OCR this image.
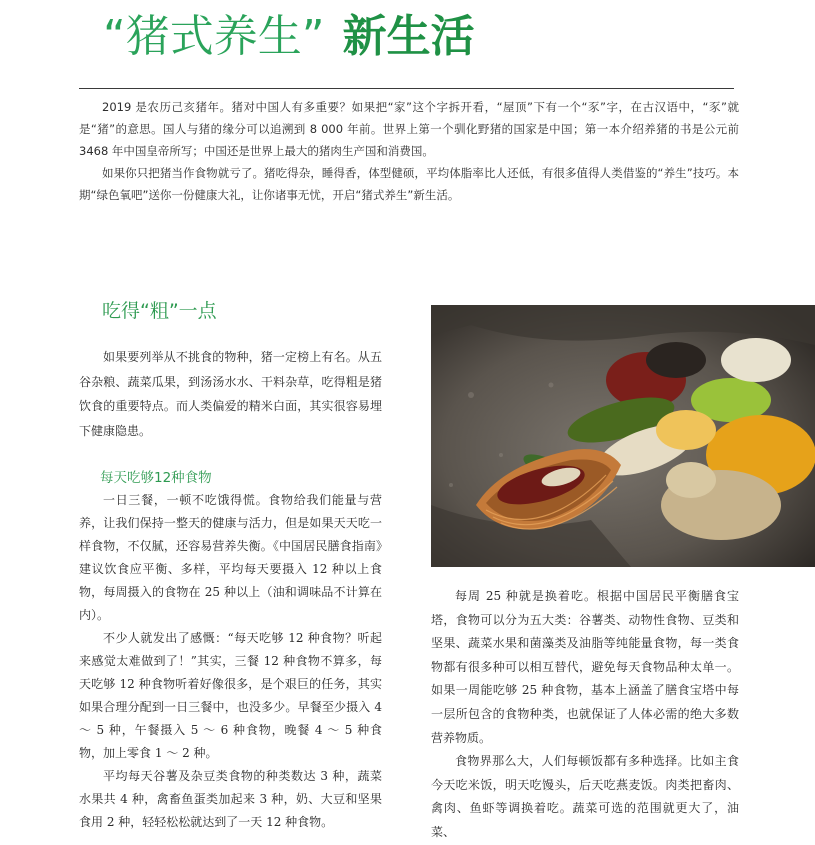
“猪式养生” 新生活

2019 是农历己亥猪年。猪对中国人有多重要？如果把“家”这个字拆开看，“屋顶”下有一个“豕”字，在古汉语中，“豕”就是“猪”的意思。国人与猪的缘分可以追溯到 8 000 年前。世界上第一个驯化野猪的国家是中国；第一本介绍养猪的书是公元前 3468 年中国皇帝所写；中国还是世界上最大的猪肉生产国和消费国。

如果你只把猪当作食物就亏了。猪吃得杂，睡得香，体型健硕，平均体脂率比人还低，有很多值得人类借鉴的“养生”技巧。本期“绿色氧吧”送你一份健康大礼，让你诸事无忧，开启“猪式养生”新生活。

吃得“粗”一点

如果要列举从不挑食的物种，猪一定榜上有名。从五谷杂粮、蔬菜瓜果，到汤汤水水、干料杂草，吃得粗是猪饮食的重要特点。而人类偏爱的精米白面，其实很容易埋下健康隐患。

每天吃够12种食物

一日三餐，一顿不吃饿得慌。食物给我们能量与营养，让我们保持一整天的健康与活力，但是如果天天吃一样食物，不仅腻，还容易营养失衡。《中国居民膳食指南》建议饮食应平衡、多样，平均每天要摄入 12 种以上食物，每周摄入的食物在 25 种以上（油和调味品不计算在内）。

不少人就发出了感慨：“每天吃够 12 种食物？听起来感觉太难做到了！”其实，三餐 12 种食物不算多，每天吃够 12 种食物听着好像很多，是个艰巨的任务，其实如果合理分配到一日三餐中，也没多少。早餐至少摄入 4 ～ 5 种，午餐摄入 5 ～ 6 种食物，晚餐 4 ～ 5 种食物，加上零食 1 ～ 2 种。

平均每天谷薯及杂豆类食物的种类数达 3 种，蔬菜水果共 4 种，禽畜鱼蛋类加起来 3 种，奶、大豆和坚果食用 2 种，轻轻松松就达到了一天 12 种食物。

每周 25 种就是换着吃。根据中国居民平衡膳食宝塔，食物可以分为五大类：谷薯类、动物性食物、豆类和坚果、蔬菜水果和菌藻类及油脂等纯能量食物，每一类食物都有很多种可以相互替代，避免每天食物品种太单一。如果一周能吃够 25 种食物，基本上涵盖了膳食宝塔中每一层所包含的食物种类，也就保证了人体必需的绝大多数营养物质。

食物界那么大，人们每顿饭都有多种选择。比如主食今天吃米饭，明天吃馒头，后天吃燕麦饭。肉类把畜肉、禽肉、鱼虾等调换着吃。蔬菜可选的范围就更大了，油菜、
